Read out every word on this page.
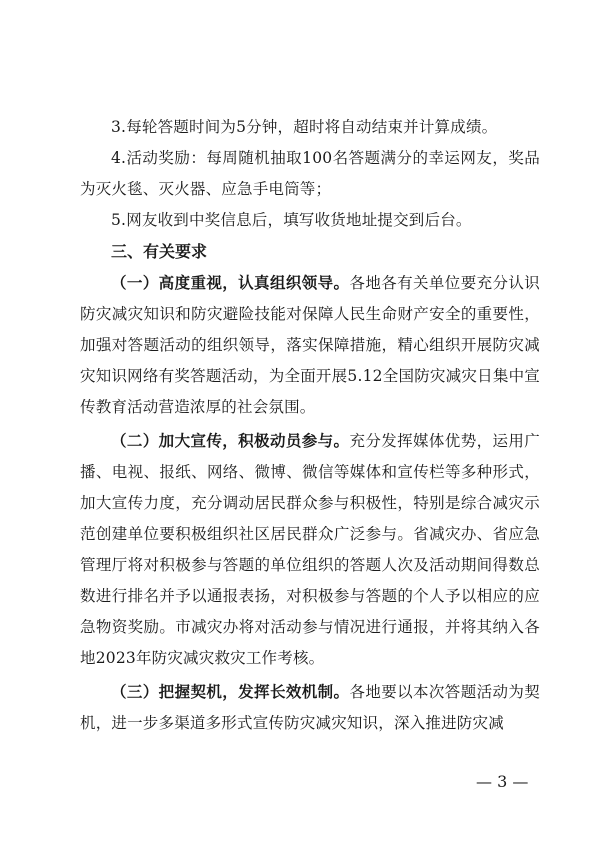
3.每轮答题时间为5分钟，超时将自动结束并计算成绩。

4.活动奖励：每周随机抽取100名答题满分的幸运网友，奖品为灭火毯、灭火器、应急手电筒等；

5.网友收到中奖信息后，填写收货地址提交到后台。

三、有关要求

（一）高度重视，认真组织领导。各地各有关单位要充分认识防灾减灾知识和防灾避险技能对保障人民生命财产安全的重要性，加强对答题活动的组织领导，落实保障措施，精心组织开展防灾减灾知识网络有奖答题活动，为全面开展5.12全国防灾减灾日集中宣传教育活动营造浓厚的社会氛围。

（二）加大宣传，积极动员参与。充分发挥媒体优势，运用广播、电视、报纸、网络、微博、微信等媒体和宣传栏等多种形式，加大宣传力度，充分调动居民群众参与积极性，特别是综合减灾示范创建单位要积极组织社区居民群众广泛参与。省减灾办、省应急管理厅将对积极参与答题的单位组织的答题人次及活动期间得数总数进行排名并予以通报表扬，对积极参与答题的个人予以相应的应急物资奖励。市减灾办将对活动参与情况进行通报，并将其纳入各地2023年防灾减灾救灾工作考核。

（三）把握契机，发挥长效机制。各地要以本次答题活动为契机，进一步多渠道多形式宣传防灾减灾知识，深入推进防灾减

— 3 —
